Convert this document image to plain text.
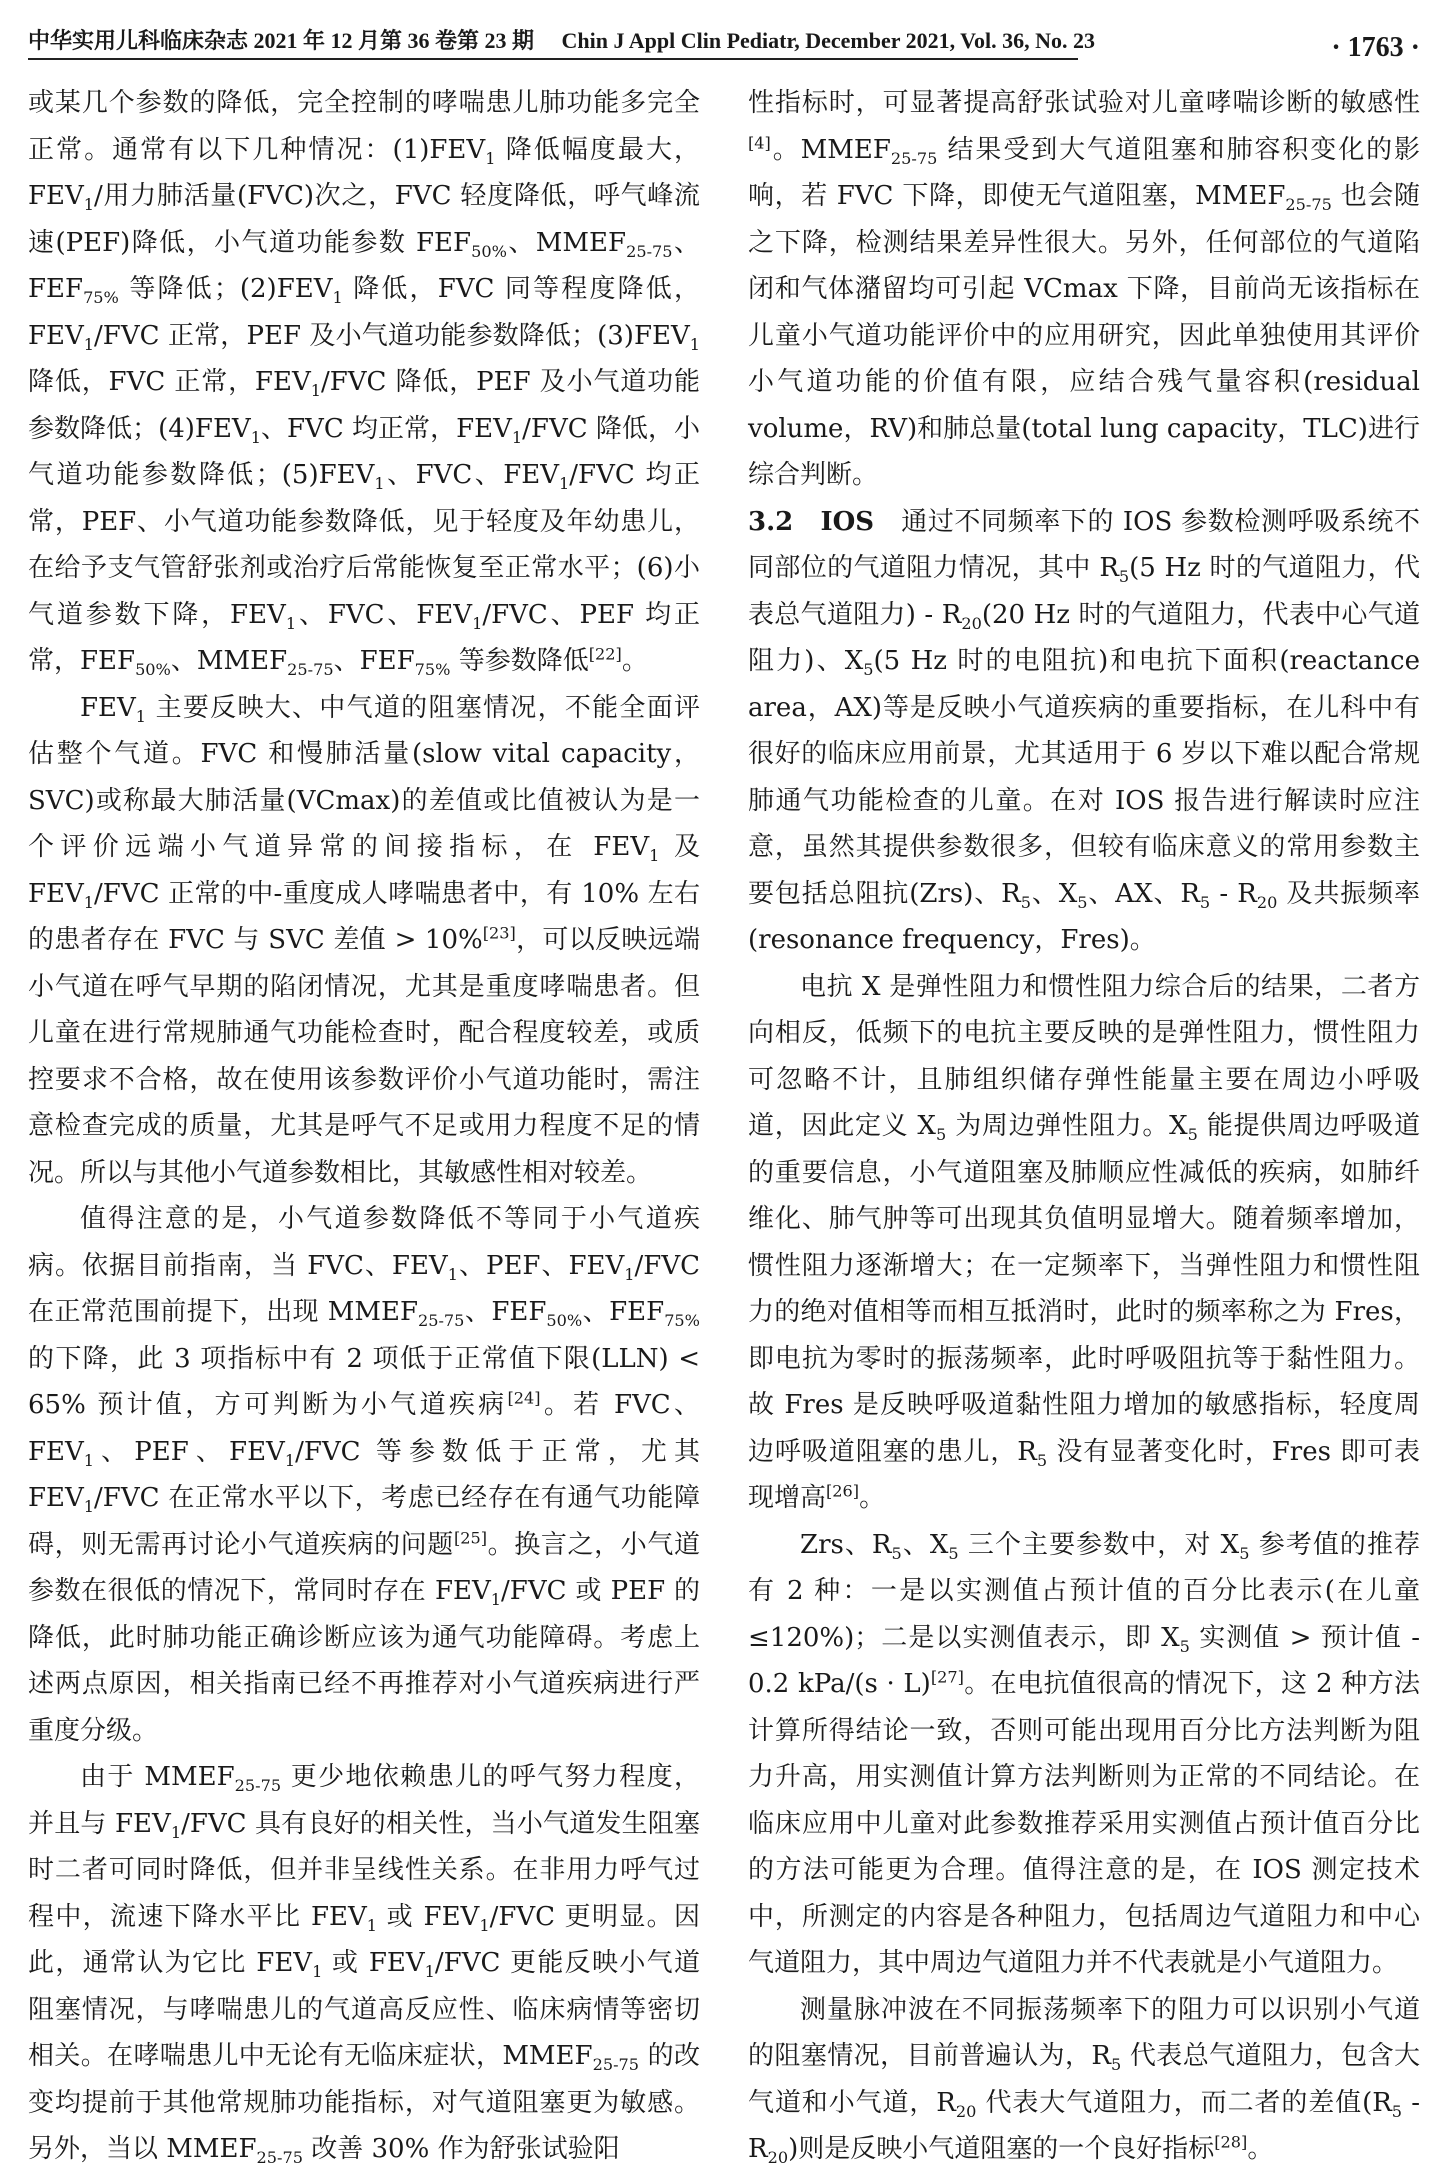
中华实用儿科临床杂志 2021 年 12 月第 36 卷第 23 期 　Chin J Appl Clin Pediatr, December 2021, Vol. 36, No. 23	· 1763 ·

或某几个参数的降低，完全控制的哮喘患儿肺功能多完全正常。通常有以下几种情况：$(1)FEV_1$ 降低幅度最大，$FEV_1/$用力肺活量(FVC)次之，FVC 轻度降低，呼气峰流速(PEF)降低，小气道功能参数 $FEF_{50\%}$、$MMEF_{25-75}$、$FEF_{75\%}$ 等降低；$(2)FEV_1$ 降低，FVC 同等程度降低，$FEV_1$/FVC 正常，PEF 及小气道功能参数降低；$(3)FEV_1$ 降低，FVC 正常，$FEV_1$/FVC 降低，PEF 及小气道功能参数降低；$(4)FEV_1$、FVC 均正常，$FEV_1$/FVC 降低，小气道功能参数降低；$(5)FEV_1$、FVC、$FEV_1$/FVC 均正常，PEF、小气道功能参数降低，见于轻度及年幼患儿，在给予支气管舒张剂或治疗后常能恢复至正常水平；(6)小气道参数下降，$FEV_1$、FVC、$FEV_1$/FVC、PEF 均正常，$FEF_{50\%}$、$MMEF_{25-75}$、$FEF_{75\%}$ 等参数降低[22]。

$FEV_1$ 主要反映大、中气道的阻塞情况，不能全面评估整个气道。FVC 和慢肺活量(slow vital capacity，SVC)或称最大肺活量(VCmax)的差值或比值被认为是一个评价远端小气道异常的间接指标，在 $FEV_1$ 及 $FEV_1$/FVC 正常的中-重度成人哮喘患者中，有 10% 左右的患者存在 FVC 与 SVC 差值 > 10%[23]，可以反映远端小气道在呼气早期的陷闭情况，尤其是重度哮喘患者。但儿童在进行常规肺通气功能检查时，配合程度较差，或质控要求不合格，故在使用该参数评价小气道功能时，需注意检查完成的质量，尤其是呼气不足或用力程度不足的情况。所以与其他小气道参数相比，其敏感性相对较差。

值得注意的是，小气道参数降低不等同于小气道疾病。依据目前指南，当 FVC、$FEV_1$、PEF、$FEV_1$/FVC 在正常范围前提下，出现 $MMEF_{25-75}$、$FEF_{50\%}$、$FEF_{75\%}$ 的下降，此 3 项指标中有 2 项低于正常值下限(LLN) < 65% 预计值，方可判断为小气道疾病[24]。若 FVC、$FEV_1$、PEF、$FEV_1$/FVC 等参数低于正常，尤其 $FEV_1$/FVC 在正常水平以下，考虑已经存在有通气功能障碍，则无需再讨论小气道疾病的问题[25]。换言之，小气道参数在很低的情况下，常同时存在 $FEV_1$/FVC 或 PEF 的降低，此时肺功能正确诊断应该为通气功能障碍。考虑上述两点原因，相关指南已经不再推荐对小气道疾病进行严重度分级。

由于 $MMEF_{25-75}$ 更少地依赖患儿的呼气努力程度，并且与 $FEV_1$/FVC 具有良好的相关性，当小气道发生阻塞时二者可同时降低，但并非呈线性关系。在非用力呼气过程中，流速下降水平比 $FEV_1$ 或 $FEV_1$/FVC 更明显。因此，通常认为它比 $FEV_1$ 或 $FEV_1$/FVC 更能反映小气道阻塞情况，与哮喘患儿的气道高反应性、临床病情等密切相关。在哮喘患儿中无论有无临床症状，$MMEF_{25-75}$ 的改变均提前于其他常规肺功能指标，对气道阻塞更为敏感。另外，当以 $MMEF_{25-75}$ 改善 30% 作为舒张试验阳

性指标时，可显著提高舒张试验对儿童哮喘诊断的敏感性[4]。$MMEF_{25-75}$ 结果受到大气道阻塞和肺容积变化的影响，若 FVC 下降，即使无气道阻塞，$MMEF_{25-75}$ 也会随之下降，检测结果差异性很大。另外，任何部位的气道陷闭和气体潴留均可引起 VCmax 下降，目前尚无该指标在儿童小气道功能评价中的应用研究，因此单独使用其评价小气道功能的价值有限，应结合残气量容积(residual volume，RV)和肺总量(total lung capacity，TLC)进行综合判断。

3.2　 IOS　通过不同频率下的 IOS 参数检测呼吸系统不同部位的气道阻力情况，其中 $R_5(5$ Hz 时的气道阻力，代表总气道阻力) - $R_{20}(20$ Hz 时的气道阻力，代表中心气道阻力)、$X_5(5$ Hz 时的电阻抗)和电抗下面积(reactance area，AX)等是反映小气道疾病的重要指标，在儿科中有很好的临床应用前景，尤其适用于 6 岁以下难以配合常规肺通气功能检查的儿童。在对 IOS 报告进行解读时应注意，虽然其提供参数很多，但较有临床意义的常用参数主要包括总阻抗(Zrs)、$R_5$、$X_5$、AX、$R_5 - R_{20}$ 及共振频率(resonance frequency，Fres)。

电抗 X 是弹性阻力和惯性阻力综合后的结果，二者方向相反，低频下的电抗主要反映的是弹性阻力，惯性阻力可忽略不计，且肺组织储存弹性能量主要在周边小呼吸道，因此定义 $X_5$ 为周边弹性阻力。$X_5$ 能提供周边呼吸道的重要信息，小气道阻塞及肺顺应性减低的疾病，如肺纤维化、肺气肿等可出现其负值明显增大。随着频率增加，惯性阻力逐渐增大；在一定频率下，当弹性阻力和惯性阻力的绝对值相等而相互抵消时，此时的频率称之为 Fres，即电抗为零时的振荡频率，此时呼吸阻抗等于黏性阻力。故 Fres 是反映呼吸道黏性阻力增加的敏感指标，轻度周边呼吸道阻塞的患儿，$R_5$ 没有显著变化时，Fres 即可表现增高[26]。

Zrs、$R_5$、$X_5$ 三个主要参数中，对 $X_5$ 参考值的推荐有 2 种：一是以实测值占预计值的百分比表示(在儿童≤120%)；二是以实测值表示，即 $X_5$ 实测值 > 预计值 - 0.2 kPa/(s · L)[27]。在电抗值很高的情况下，这 2 种方法计算所得结论一致，否则可能出现用百分比方法判断为阻力升高，用实测值计算方法判断则为正常的不同结论。在临床应用中儿童对此参数推荐采用实测值占预计值百分比的方法可能更为合理。值得注意的是，在 IOS 测定技术中，所测定的内容是各种阻力，包括周边气道阻力和中心气道阻力，其中周边气道阻力并不代表就是小气道阻力。

测量脉冲波在不同振荡频率下的阻力可以识别小气道的阻塞情况，目前普遍认为，$R_5$ 代表总气道阻力，包含大气道和小气道，$R_{20}$ 代表大气道阻力，而二者的差值$(R_5 - R_{20})$则是反映小气道阻塞的一个良好指标[28]。
